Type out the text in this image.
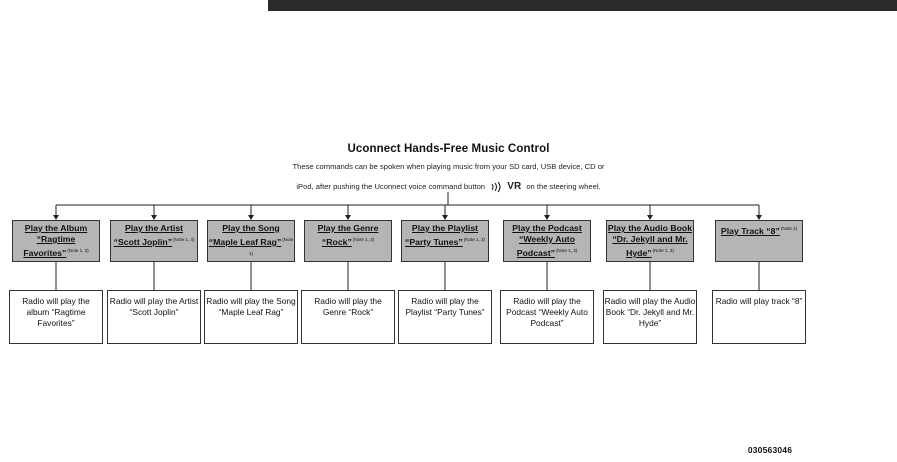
Uconnect Hands-Free Music Control
These commands can be spoken when playing music from your SD card, USB device, CD or
iPod, after pushing the Uconnect voice command button VR on the steering wheel.
Play the Album “Ragtime Favorites”$^{(Note 1, 3)}$
Radio will play the album “Ragtime Favorites”
Play the Artist “Scott Joplin”$^{(Note 1, 4)}$
Radio will play the Artist “Scott Joplin”
Play the Song “Maple Leaf Rag”$^{(Note 1)}$
Radio will play the Song “Maple Leaf Rag”
Play the Genre “Rock”$^{(Note 1, 3)}$
Radio will play the Genre “Rock”
Play the Playlist “Party Tunes”$^{(Note 1, 3)}$
Radio will play the Playlist “Party Tunes”
Play the Podcast “Weekly Auto Podcast”$^{(Note 1, 3)}$
Radio will play the Podcast “Weekly Auto Podcast”
Play the Audio Book “Dr. Jekyll and Mr. Hyde”$^{(Note 1, 3)}$
Radio will play the Audio Book “Dr. Jekyll and Mr. Hyde”
Play Track “8”$^{(Note 2)}$
Radio will play track “8”
030563046
